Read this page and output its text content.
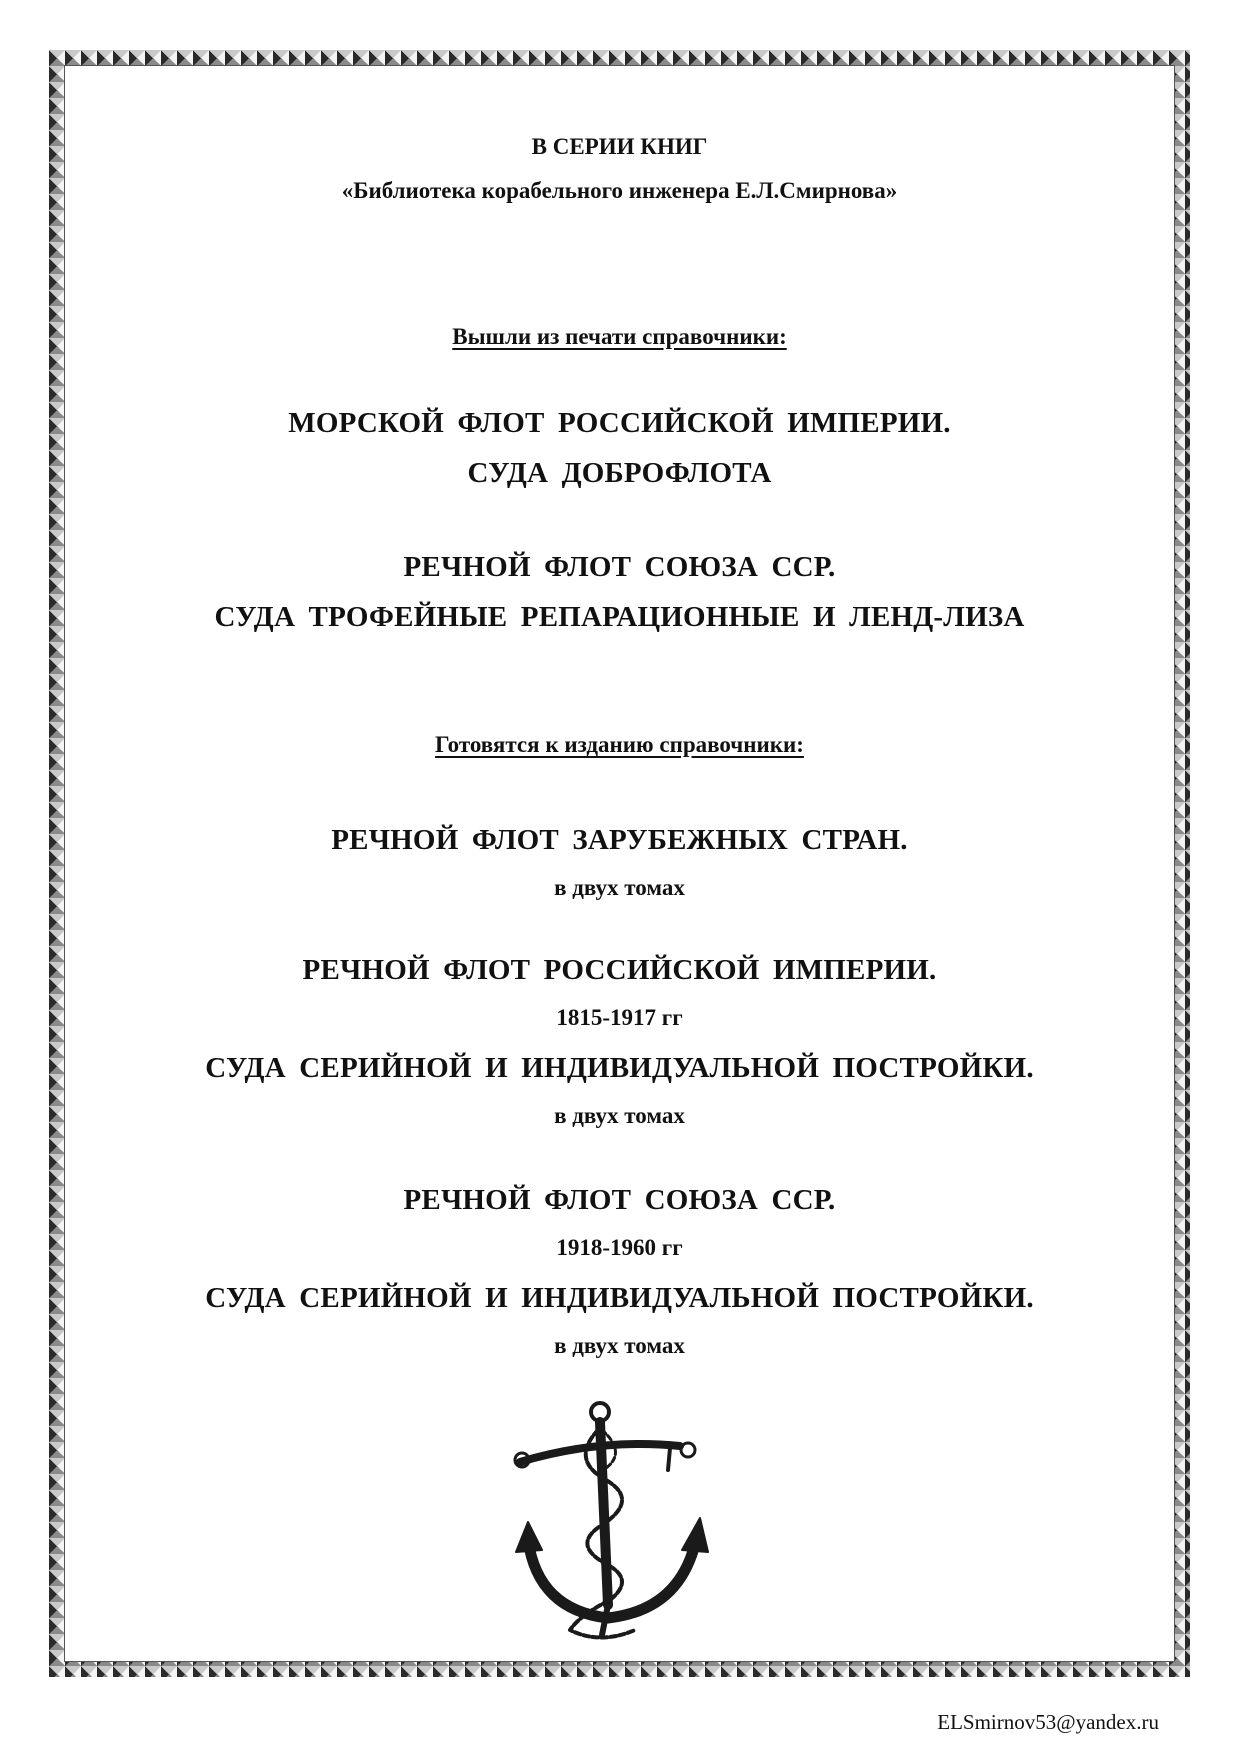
В СЕРИИ КНИГ
«Библиотека корабельного инженера Е.Л.Смирнова»
Вышли из печати справочники:
МОРСКОЙ ФЛОТ РОССИЙСКОЙ ИМПЕРИИ.
СУДА ДОБРОФЛОТА
РЕЧНОЙ ФЛОТ СОЮЗА ССР.
СУДА ТРОФЕЙНЫЕ РЕПАРАЦИОННЫЕ И ЛЕНД-ЛИЗА
Готовятся к изданию справочники:
РЕЧНОЙ ФЛОТ ЗАРУБЕЖНЫХ СТРАН.
в двух томах
РЕЧНОЙ ФЛОТ РОССИЙСКОЙ ИМПЕРИИ.
1815-1917 гг
СУДА СЕРИЙНОЙ И ИНДИВИДУАЛЬНОЙ ПОСТРОЙКИ.
в двух томах
РЕЧНОЙ ФЛОТ СОЮЗА ССР.
1918-1960 гг
СУДА СЕРИЙНОЙ И ИНДИВИДУАЛЬНОЙ ПОСТРОЙКИ.
в двух томах
ELSmirnov53@yandex.ru
